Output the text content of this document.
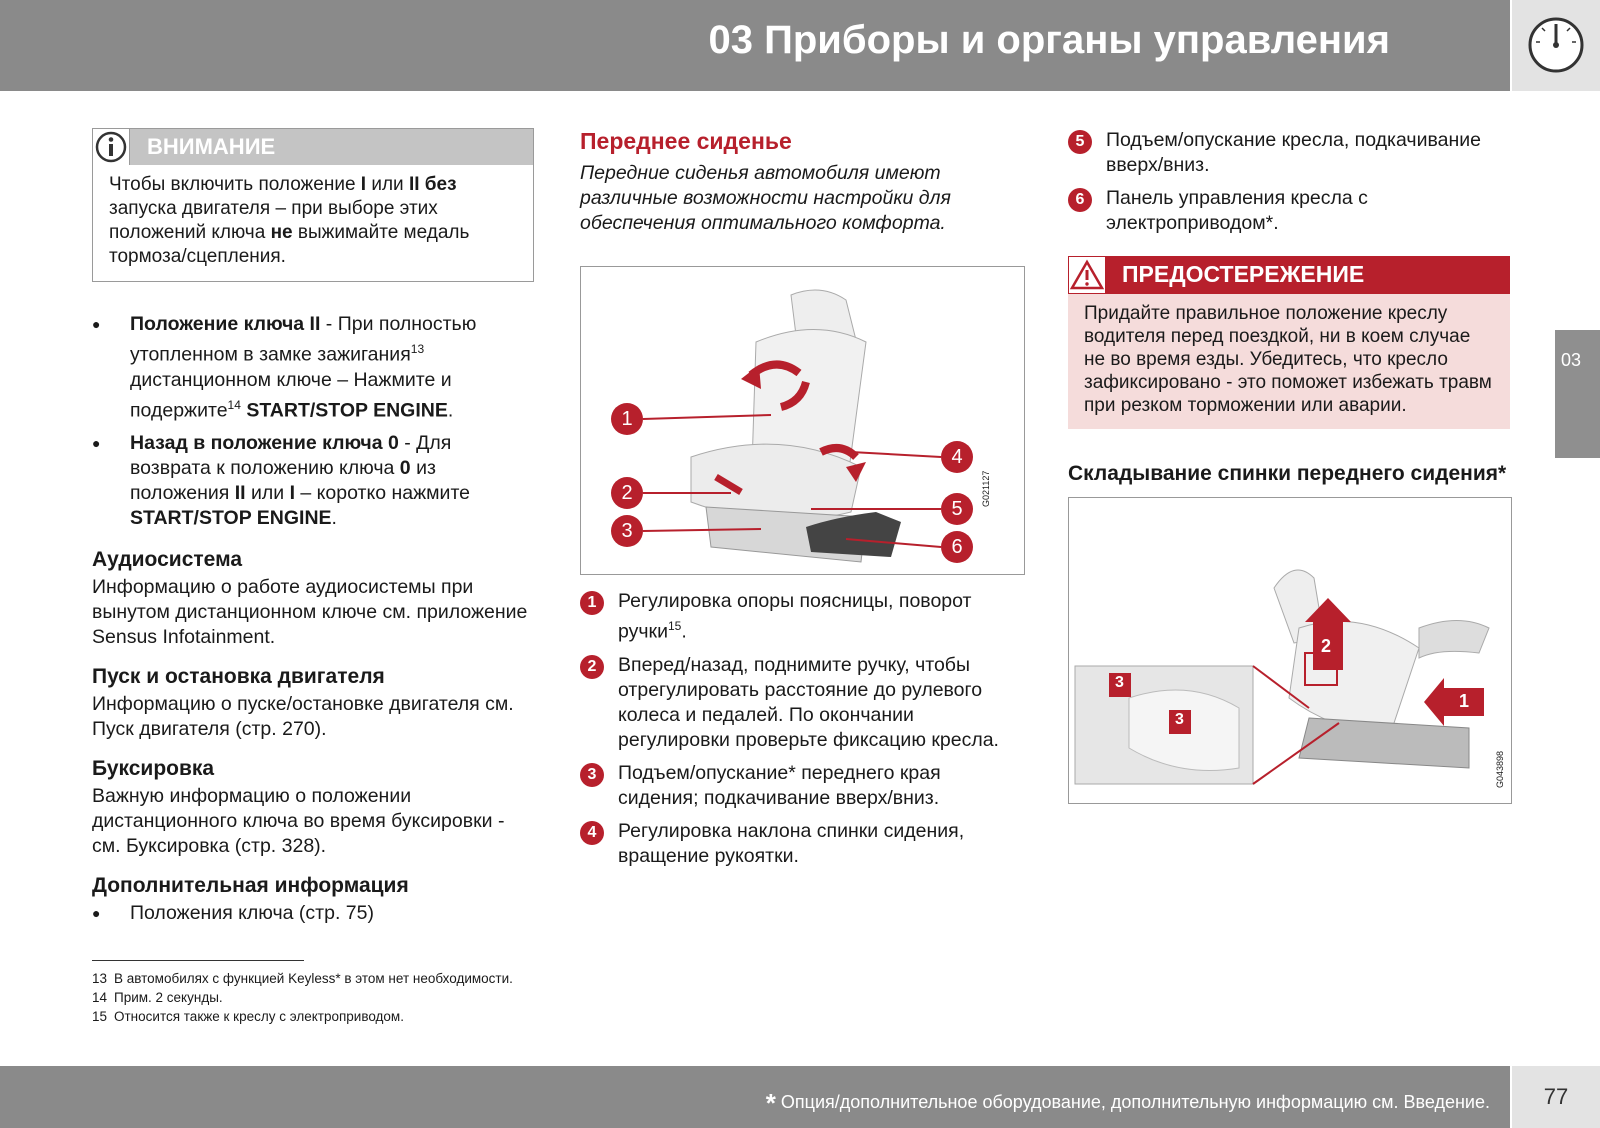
03 Приборы и органы управления
03
ВНИМАНИЕ
Чтобы включить положение I или II без запуска двигателя – при выборе этих положений ключа не выжимайте медаль тормоза/сцепления.
● Положение ключа II - При полностью утопленном в замке зажигания$^{13}$ дистанционном ключе – Нажмите и подержите$^{14}$ START/STOP ENGINE.
● Назад в положение ключа 0 - Для возврата к положению ключа 0 из положения II или I – коротко нажмите START/STOP ENGINE.
Аудиосистема

Информацию о работе аудиосистемы при вынутом дистанционном ключе см. приложение Sensus Infotainment.

Пуск и остановка двигателя

Информацию о пуске/остановке двигателя см. Пуск двигателя (стр. 270).

Буксировка

Важную информацию о положении дистанционного ключа во время буксировки - см. Буксировка (стр. 328).

Дополнительная информация
● Положения ключа (стр. 75)
Переднее сиденье
Передние сиденья автомобиля имеют различные возможности настройки для обеспечения оптимального комфорта.
1
2
3
4
5
6
G021127
1	Регулировка опоры поясницы, поворот ручки$^{15}$.
2	Вперед/назад, поднимите ручку, чтобы отрегулировать расстояние до рулевого колеса и педалей. По окончании регулировки проверьте фиксацию кресла.
3	Подъем/опускание* переднего края сидения; подкачивание вверх/вниз.
4	Регулировка наклона спинки сидения, вращение рукоятки.
5	Подъем/опускание кресла, подкачивание вверх/вниз.
6	Панель управления кресла с электроприводом*.
ПРЕДОСТЕРЕЖЕНИЕ
Придайте правильное положение креслу водителя перед поездкой, ни в коем случае не во время езды. Убедитесь, что кресло зафиксировано - это поможет избежать травм при резком торможении или аварии.
Складывание спинки переднего сидения*
3
3
2
1
G043898
13 В автомобилях с функцией Keyless* в этом нет необходимости.
14 Прим. 2 секунды.
15 Относится также к креслу с электроприводом.
* Опция/дополнительное оборудование, дополнительную информацию см. Введение.	77
